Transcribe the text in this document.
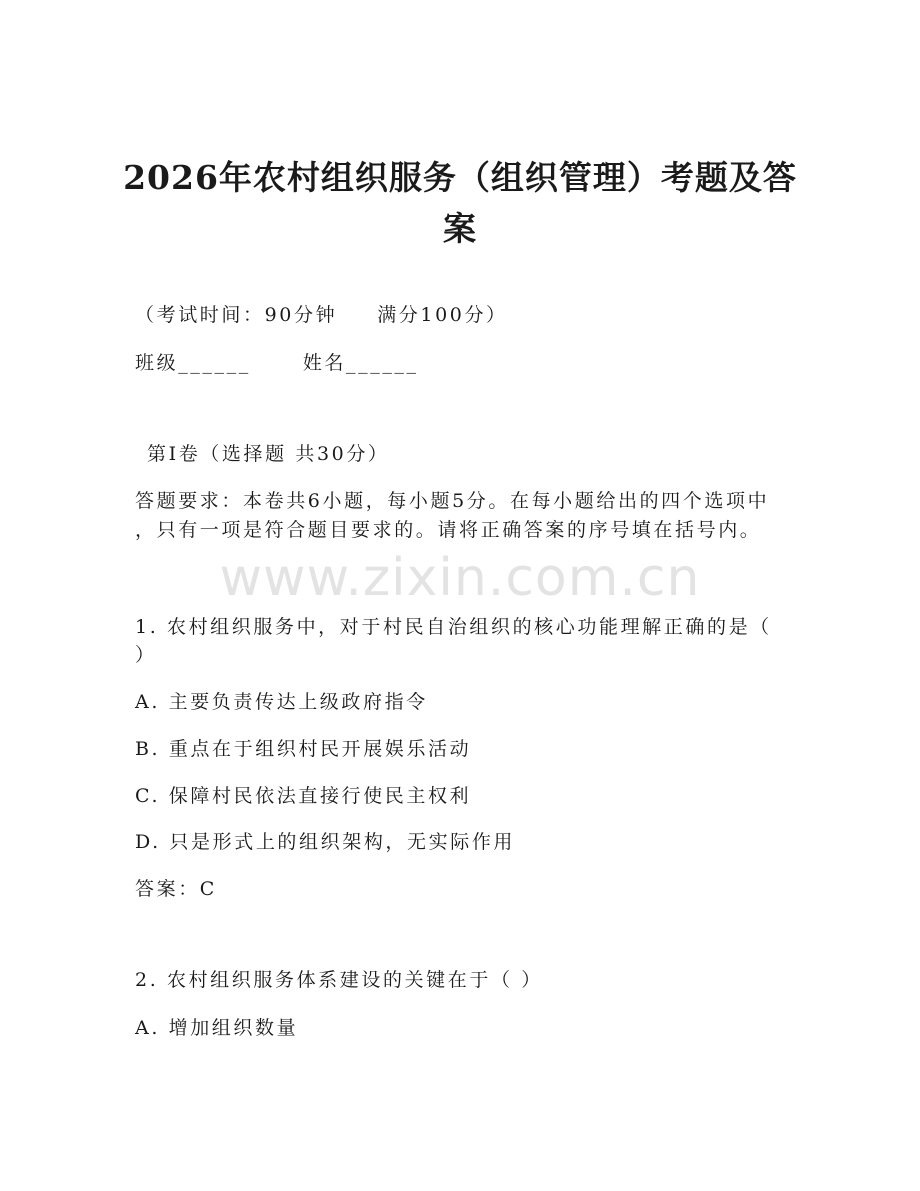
www.zixin.com.cn
2026年农村组织服务（组织管理）考题及答
案
（考试时间：90分钟 满分100分）
班级______	姓名______
第Ⅰ卷（选择题 共30分）
答题要求：本卷共6小题，每小题5分。在每小题给出的四个选项中
，只有一项是符合题目要求的。请将正确答案的序号填在括号内。
1. 农村组织服务中，对于村民自治组织的核心功能理解正确的是（
）
A. 主要负责传达上级政府指令
B. 重点在于组织村民开展娱乐活动
C. 保障村民依法直接行使民主权利
D. 只是形式上的组织架构，无实际作用
答案：C
2. 农村组织服务体系建设的关键在于（ ）
A. 增加组织数量
